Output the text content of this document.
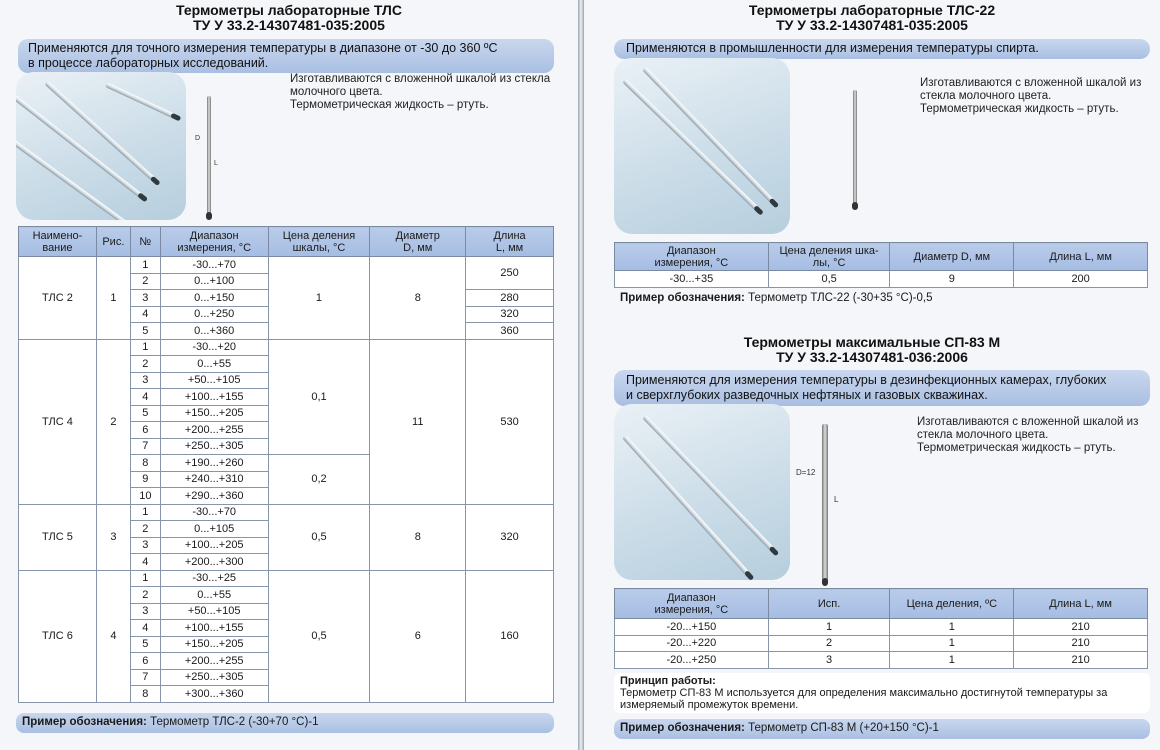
Термометры лабораторные ТЛС
ТУ У 33.2-14307481-035:2005
Применяются для точного измерения температуры в диапазоне от -30 до 360 ºС
в процессе лабораторных исследований.
D
L
Изготавливаются с вложенной шкалой из стекла
молочного цвета.
Термометрическая жидкость – ртуть.
Наимено-
вание	Рис.	№	Диапазон
измерения, °С	Цена деления
шкалы, °С	Диаметр
D, мм	Длина
L, мм
ТЛС 2	1	1	-30...+70	1	8	250
		2	0...+100			
		3	0...+150			280
		4	0...+250			320
		5	0...+360			360
ТЛС 4	2	1	-30...+20	0,1	11	530
		2	0...+55			
		3	+50...+105			
		4	+100...+155			
		5	+150...+205			
		6	+200...+255			
		7	+250...+305			
		8	+190...+260	0,2		
		9	+240...+310			
		10	+290...+360			
ТЛС 5	3	1	-30...+70	0,5	8	320
		2	0...+105			
		3	+100...+205			
		4	+200...+300			
ТЛС 6	4	1	-30...+25	0,5	6	160
		2	0...+55			
		3	+50...+105			
		4	+100...+155			
		5	+150...+205			
		6	+200...+255			
		7	+250...+305			
		8	+300...+360			
Пример обозначения: Термометр ТЛС-2 (-30+70 °С)-1
Термометры лабораторные ТЛС-22
ТУ У 33.2-14307481-035:2005
Применяются в промышленности для измерения температуры спирта.
Изготавливаются с вложенной шкалой из
стекла молочного цвета.
Термометрическая жидкость – ртуть.
Диапазон
измерения, °С	Цена деления шка-
лы, °С	Диаметр D, мм	Длина L, мм
-30...+35	0,5	9	200
Пример обозначения: Термометр ТЛС-22 (-30+35 °С)-0,5
Термометры максимальные СП-83 М
ТУ У 33.2-14307481-036:2006
Применяются для измерения температуры в дезинфекционных камерах, глубоких
и сверхглубоких разведочных нефтяных и газовых скважинах.
D=12
L
Изготавливаются с вложенной шкалой из
стекла молочного цвета.
Термометрическая жидкость – ртуть.
Диапазон
измерения, °С	Исп.	Цена деления, ºС	Длина L, мм
-20...+150	1	1	210
-20...+220	2	1	210
-20...+250	3	1	210
Принцип работы:
Термометр СП-83 М используется для определения максимально достигнутой температуры за
измеряемый промежуток времени.
Пример обозначения: Термометр СП-83 М (+20+150 °С)-1
